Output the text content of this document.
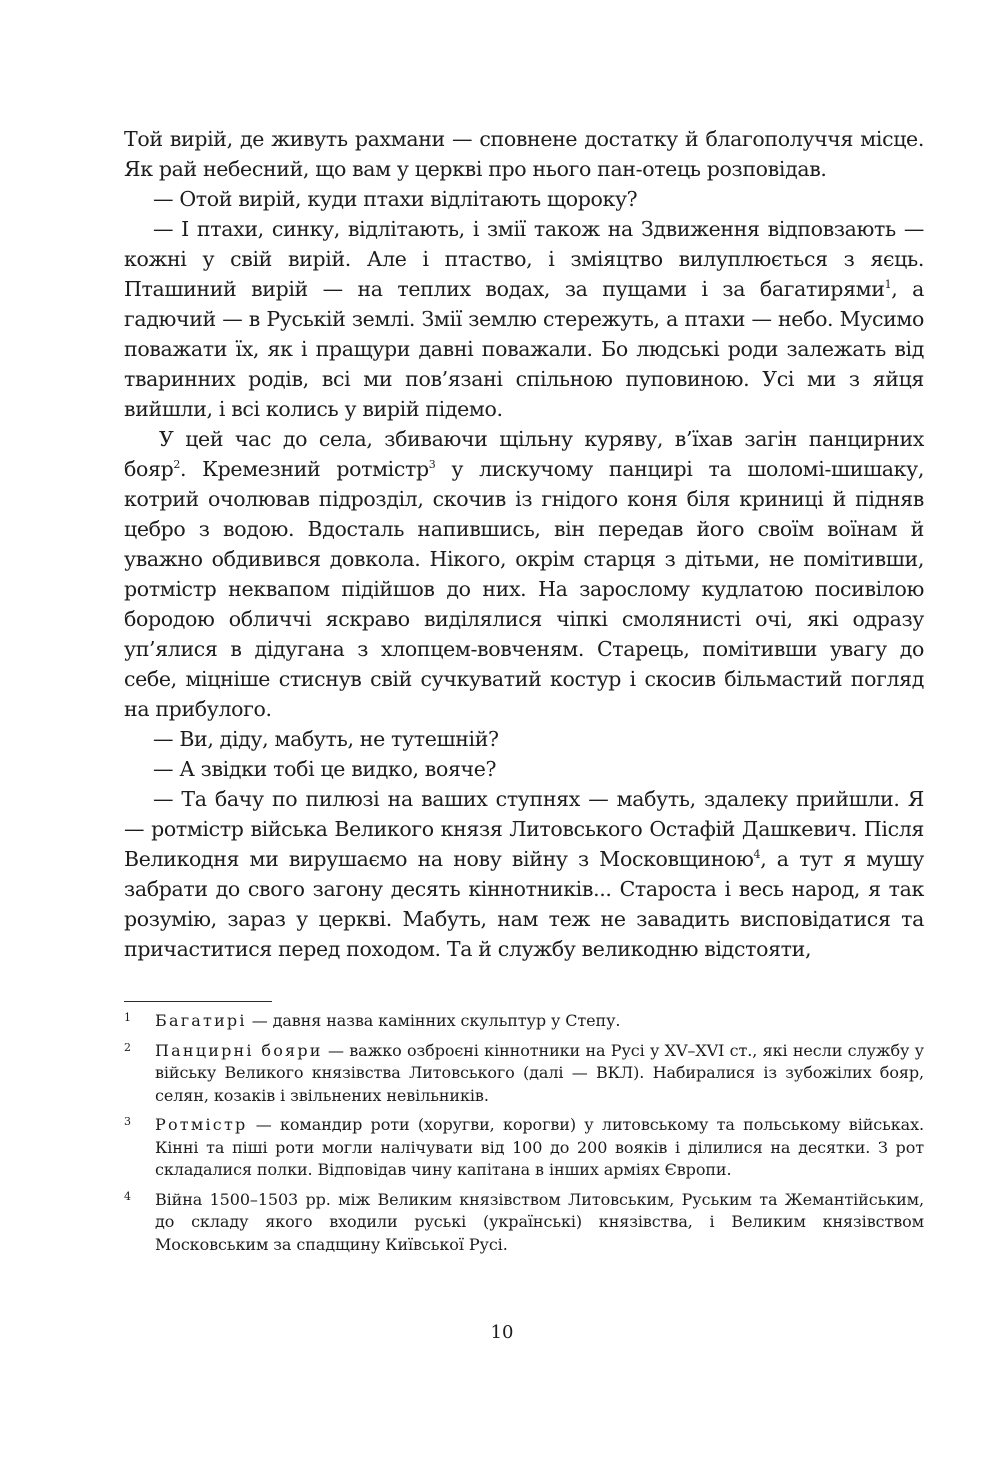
Той вирій, де живуть рахмани — сповнене достатку й благополуччя місце. Як рай небесний, що вам у церкві про нього пан-отець розповідав.

— Отой вирій, куди птахи відлітають щороку?

— І птахи, синку, відлітають, і змії також на Здвиження відповзають — кожні у свій вирій. Але і птаство, і зміяцтво вилуплюється з яєць. Пташиний вирій — на теплих водах, за пущами і за багатирями$^1$, а гадючий — в Руській землі. Змії землю стережуть, а птахи — небо. Мусимо поважати їх, як і пращури давні поважали. Бо людські роди залежать від тваринних родів, всі ми пов’язані спільною пуповиною. Усі ми з яйця вийшли, і всі колись у вирій підемо.

У цей час до села, збиваючи щільну куряву, в’їхав загін панцирних бояр$^2$. Кремезний ротмістр$^3$ у лискучому панцирі та шоломі-шишаку, котрий очолював підрозділ, скочив із гнідого коня біля криниці й підняв цебро з водою. Вдосталь напившись, він передав його своїм воїнам й уважно обдивився довкола. Нікого, окрім старця з дітьми, не помітивши, ротмістр неквапом підійшов до них. На зарослому кудлатою посивілою бородою обличчі яскраво виділялися чіпкі смолянисті очі, які одразу уп’ялися в дідугана з хлопцем-вовченям. Старець, помітивши увагу до себе, міцніше стиснув свій сучкуватий костур і скосив більмастий погляд на прибулого.

— Ви, діду, мабуть, не тутешній?

— А звідки тобі це видко, вояче?

— Та бачу по пилюзі на ваших ступнях — мабуть, здалеку прийшли. Я — ротмістр війська Великого князя Литовського Остафій Дашкевич. Після Великодня ми вирушаємо на нову війну з Московщиною$^4$, а тут я мушу забрати до свого загону десять кіннотників... Староста і весь народ, я так розумію, зараз у церкві. Мабуть, нам теж не завадить висповідатися та причаститися перед походом. Та й службу великодню відстояти,

1	Багатирі — давня назва камінних скульптур у Степу.
2	Панцирні бояри — важко озброєні кіннотники на Русі у XV–XVI ст., які несли службу у війську Великого князівства Литовського (далі — ВКЛ). Набиралися із зубожілих бояр, селян, козаків і звільнених невільників.
3	Ротмістр — командир роти (хоругви, корогви) у литовському та польському військах. Кінні та піші роти могли налічувати від 100 до 200 вояків і ділилися на десятки. З рот складалися полки. Відповідав чину капітана в інших арміях Європи.
4	Війна 1500–1503 рр. між Великим князівством Литовським, Руським та Жемантійським, до складу якого входили руські (українські) князівства, і Великим князівством Московським за спадщину Київської Русі.
10
